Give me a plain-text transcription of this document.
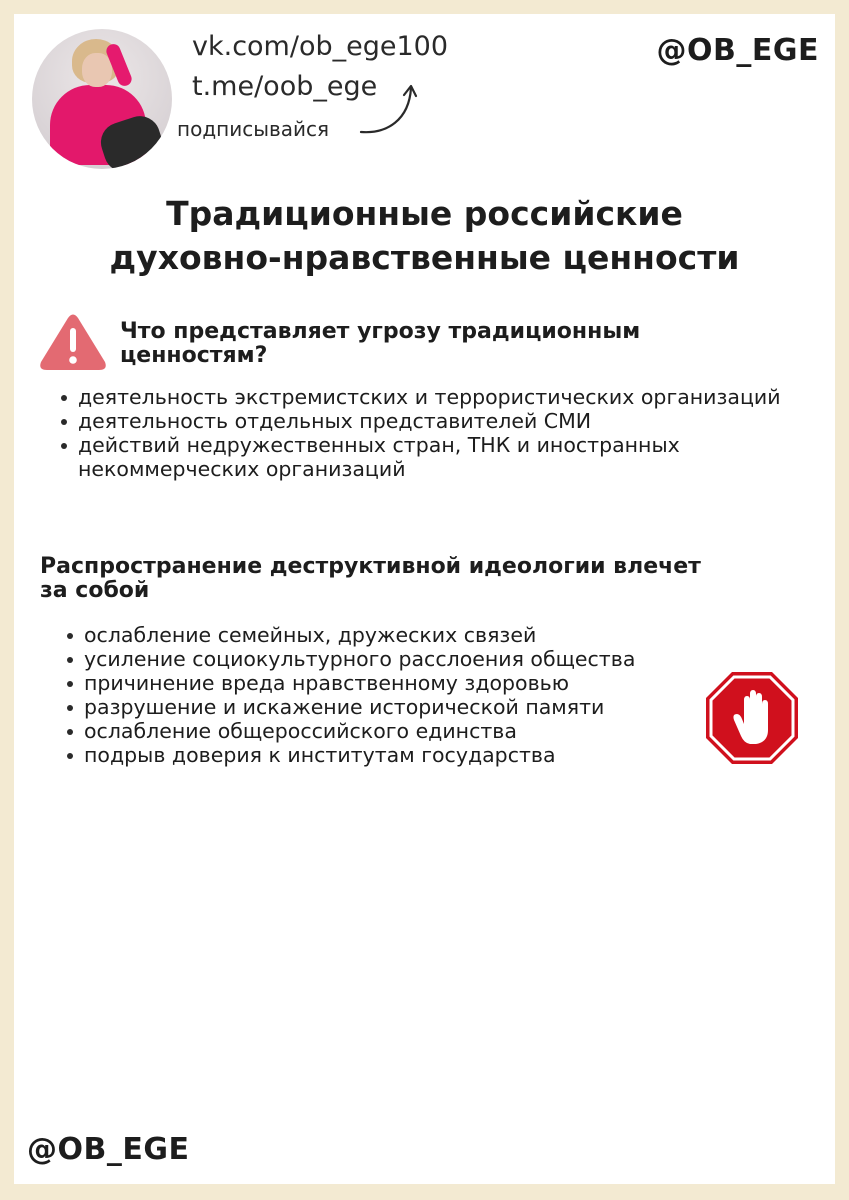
vk.com/ob_ege100
t.me/oob_ege
подписывайся
@OB_EGE
Традиционные российские
духовно-нравственные ценности
Что представляет угрозу традиционным
ценностям?
деятельность экстремистских и террористических организаций
деятельность отдельных представителей СМИ
действий недружественных стран, ТНК и иностранных некоммерческих организаций
Распространение деструктивной идеологии влечет
за собой
ослабление семейных, дружеских связей
усиление социокультурного расслоения общества
причинение вреда нравственному здоровью
разрушение и искажение исторической памяти
ослабление общероссийского единства
подрыв доверия к институтам государства
@OB_EGE
